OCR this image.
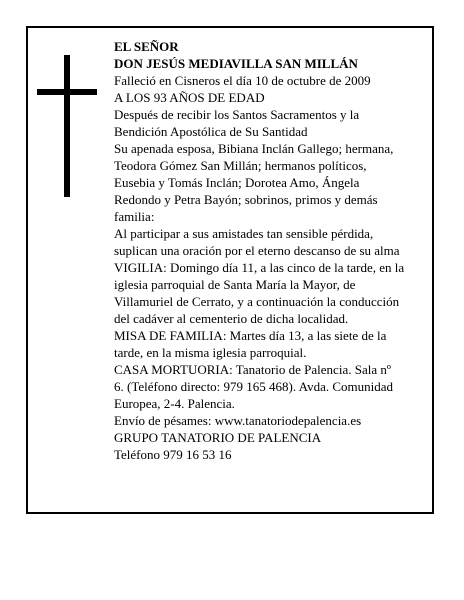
EL SEÑOR
DON JESÚS MEDIAVILLA SAN MILLÁN
Falleció en Cisneros el día 10 de octubre de 2009
A LOS 93 AÑOS DE EDAD
Después de recibir los Santos Sacramentos y la
Bendición Apostólica de Su Santidad
Su apenada esposa, Bibiana Inclán Gallego; hermana,
Teodora Gómez San Millán; hermanos políticos,
Eusebia y Tomás Inclán; Dorotea Amo, Ángela
Redondo y Petra Bayón; sobrinos, primos y demás
familia:
Al participar a sus amistades tan sensible pérdida,
suplican una oración por el eterno descanso de su alma
VIGILIA: Domingo día 11, a las cinco de la tarde, en la
iglesia parroquial de Santa María la Mayor, de
Villamuriel de Cerrato, y a continuación la conducción
del cadáver al cementerio de dicha localidad.
MISA DE FAMILIA: Martes día 13, a las siete de la
tarde, en la misma iglesia parroquial.
CASA MORTUORIA: Tanatorio de Palencia. Sala nº
6. (Teléfono directo: 979 165 468). Avda. Comunidad
Europea, 2-4. Palencia.
Envío de pésames: www.tanatoriodepalencia.es
GRUPO TANATORIO DE PALENCIA
Teléfono 979 16 53 16
